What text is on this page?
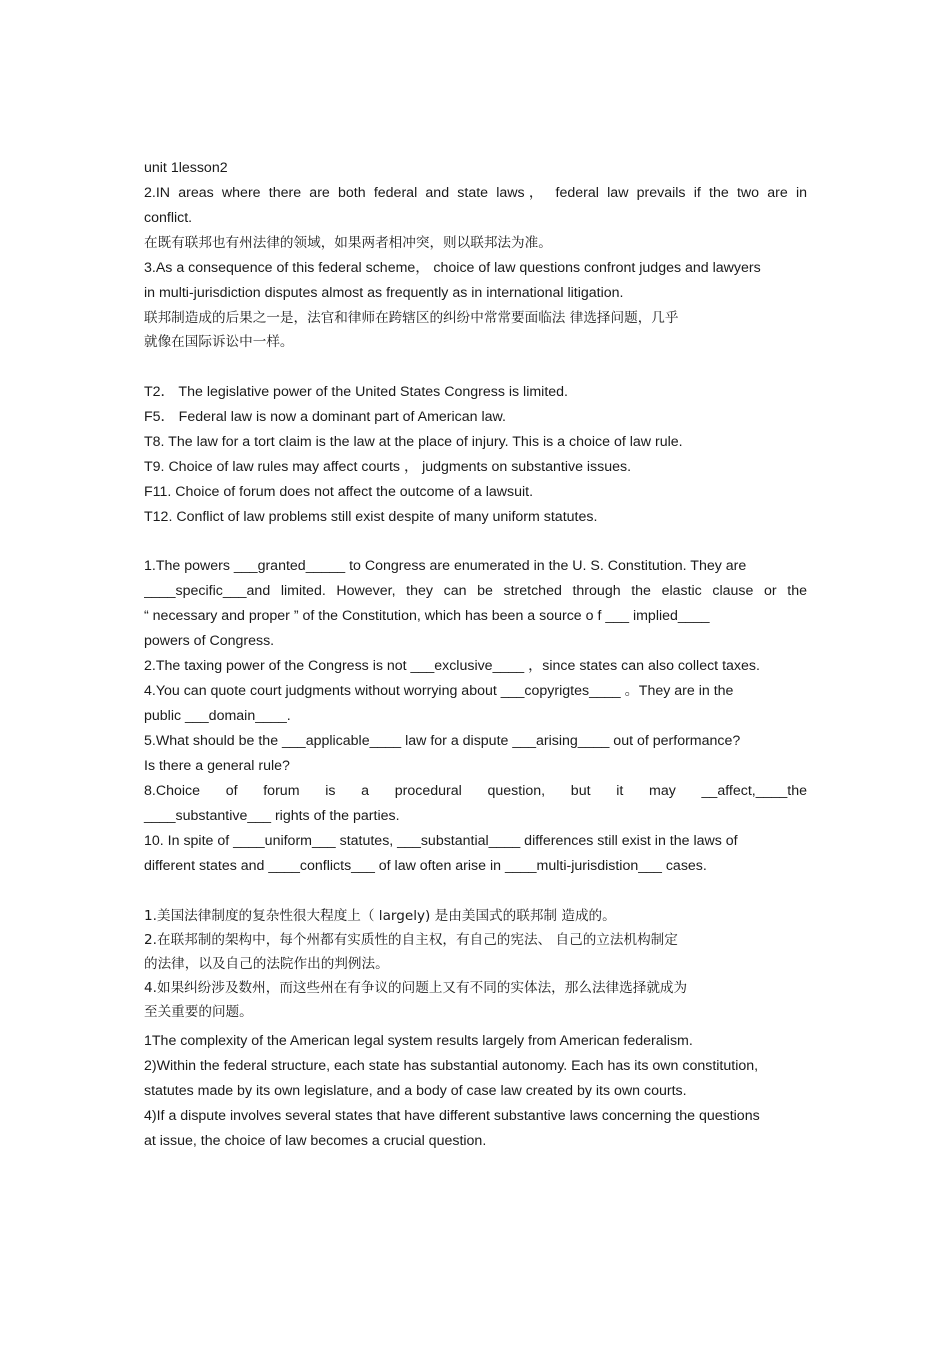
unit 1lesson2
2.IN areas where there are both federal and state laws， federal law prevails if the two are in
conflict.
在既有联邦也有州法律的领域，如果两者相冲突，则以联邦法为准。
3.As a consequence of this federal scheme， choice of law questions confront judges and lawyers
in multi-jurisdiction disputes almost as frequently as in international litigation.
联邦制造成的后果之一是，法官和律师在跨辖区的纠纷中常常要面临法 律选择问题，几乎
就像在国际诉讼中一样。
T2． The legislative power of the United States Congress is limited.
F5． Federal law is now a dominant part of American law.
T8. The law for a tort claim is the law at the place of injury. This is a choice of law rule.
T9. Choice of law rules may affect courts ， judgments on substantive issues.
F11. Choice of forum does not affect the outcome of a lawsuit.
T12. Conflict of law problems still exist despite of many uniform statutes.
1.The powers ___granted_____ to Congress are enumerated in the U. S. Constitution. They are
____specific___and limited. However, they can be stretched through the elastic clause or the
“ necessary and proper ” of the Constitution, which has been a source o f ___ implied____
powers of Congress.
2.The taxing power of the Congress is not ___exclusive____ ，since states can also collect taxes.
4.You can quote court judgments without worrying about ___copyrigtes____ 。They are in the
public ___domain____.
5.What should be the ___applicable____ law for a dispute ___arising____ out of performance?
Is there a general rule?
8.Choice of forum is a procedural question, but it may __affect,____the
____substantive___ rights of the parties.
10. In spite of ____uniform___ statutes, ___substantial____ differences still exist in the laws of
different states and ____conflicts___ of law often arise in ____multi-jurisdistion___ cases.
1.美国法律制度的复杂性很大程度上（ largely) 是由美国式的联邦制 造成的。
2.在联邦制的架构中，每个州都有实质性的自主权，有自己的宪法、 自己的立法机构制定
的法律，以及自己的法院作出的判例法。
4.如果纠纷涉及数州，而这些州在有争议的问题上又有不同的实体法，那么法律选择就成为
至关重要的问题。
1The complexity of the American legal system results largely from American federalism.
2)Within the federal structure, each state has substantial autonomy. Each has its own constitution,
statutes made by its own legislature, and a body of case law created by its own courts.
4)If a dispute involves several states that have different substantive laws concerning the questions
at issue, the choice of law becomes a crucial question.
